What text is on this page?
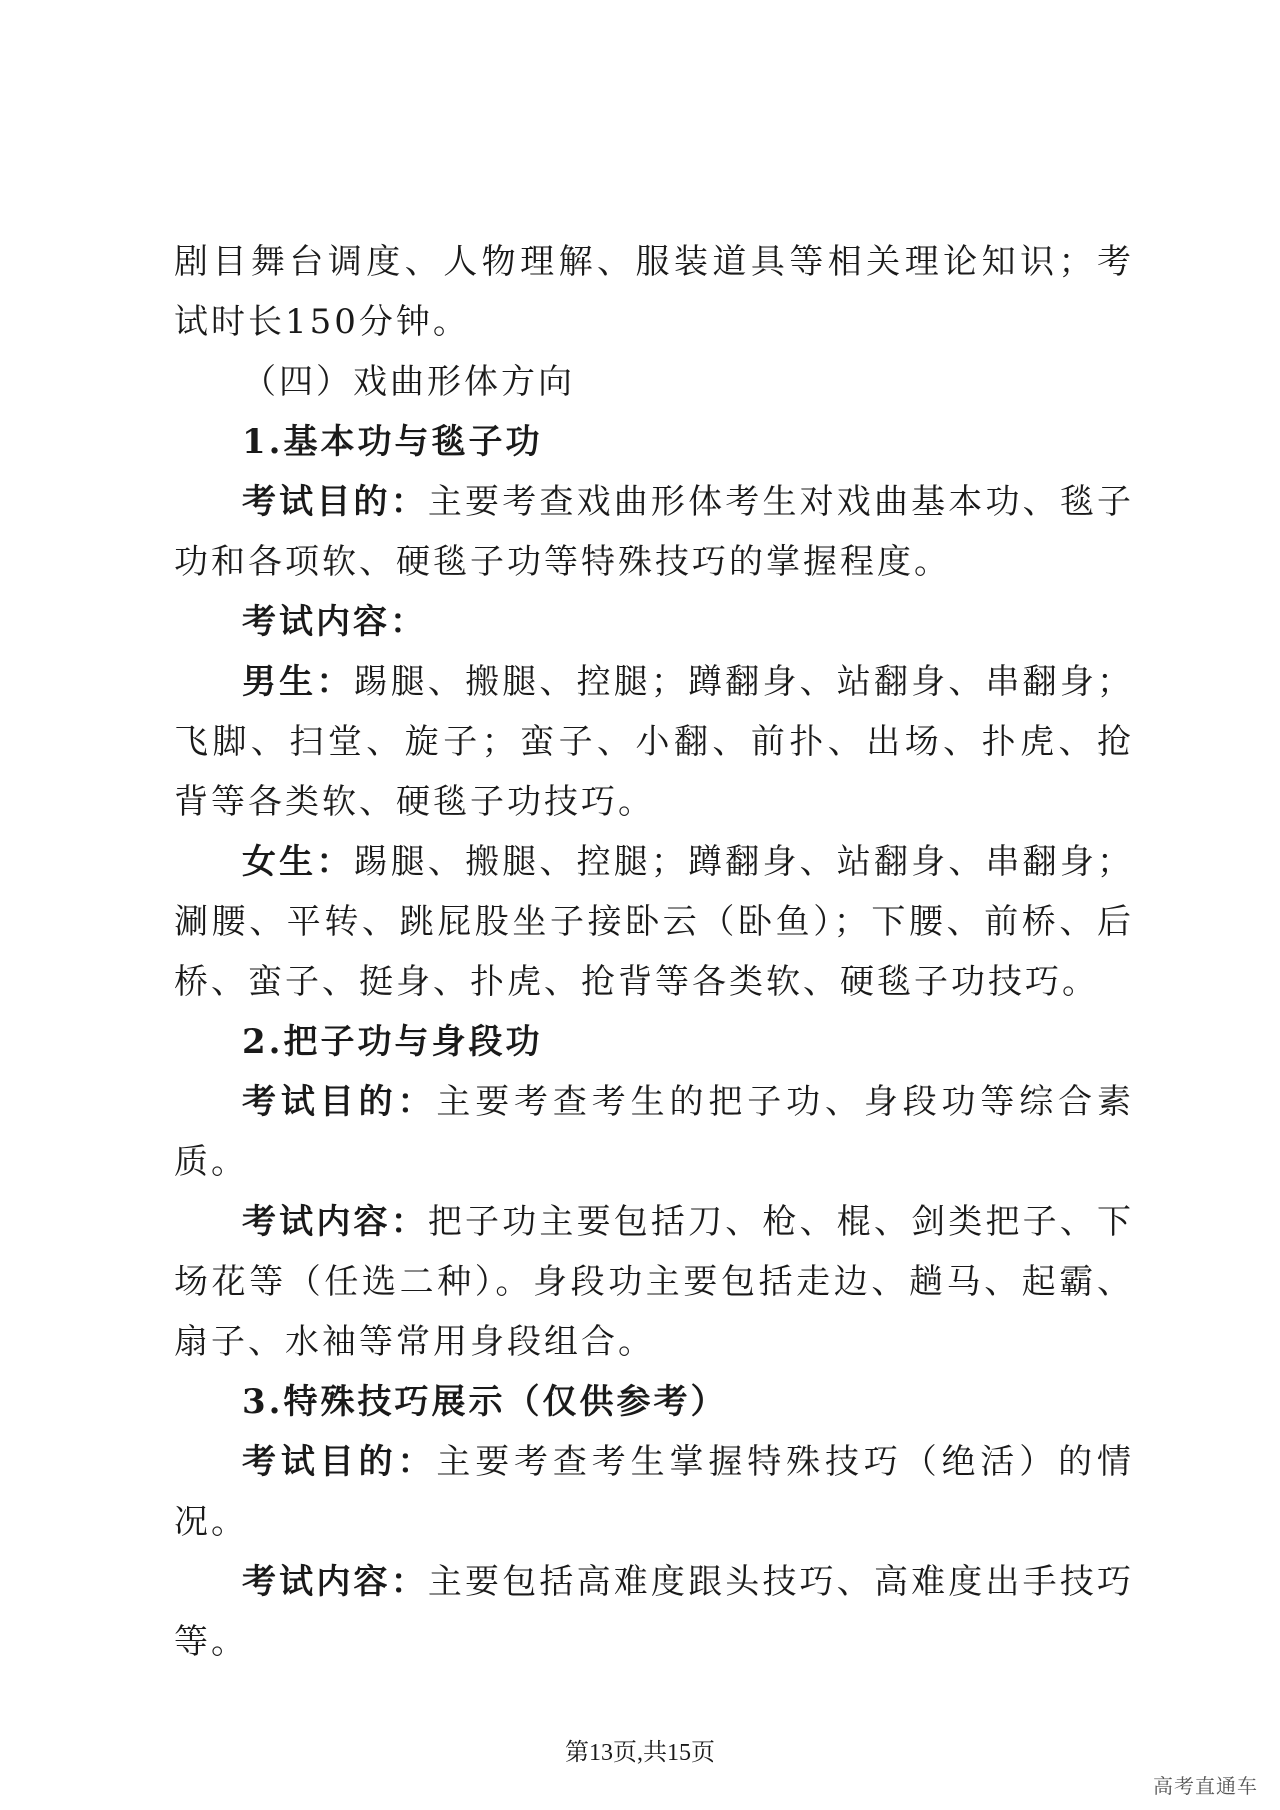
剧目舞台调度、人物理解、服装道具等相关理论知识；考试时长150分钟。

（四）戏曲形体方向

1.基本功与毯子功

考试目的：主要考查戏曲形体考生对戏曲基本功、毯子功和各项软、硬毯子功等特殊技巧的掌握程度。

考试内容：

男生：踢腿、搬腿、控腿；蹲翻身、站翻身、串翻身；飞脚、扫堂、旋子；蛮子、小翻、前扑、出场、扑虎、抢背等各类软、硬毯子功技巧。

女生：踢腿、搬腿、控腿；蹲翻身、站翻身、串翻身；涮腰、平转、跳屁股坐子接卧云（卧鱼）；下腰、前桥、后桥、蛮子、挺身、扑虎、抢背等各类软、硬毯子功技巧。

2.把子功与身段功

考试目的：主要考查考生的把子功、身段功等综合素质。

考试内容：把子功主要包括刀、枪、棍、剑类把子、下场花等（任选二种）。身段功主要包括走边、趟马、起霸、扇子、水袖等常用身段组合。

3.特殊技巧展示（仅供参考）

考试目的：主要考查考生掌握特殊技巧（绝活）的情况。

考试内容：主要包括高难度跟头技巧、高难度出手技巧等。

第13页,共15页
高考直通车
